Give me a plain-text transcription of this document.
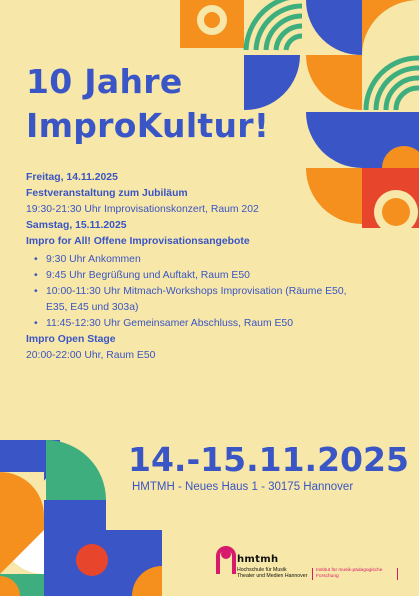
10 Jahre
ImproKultur!

Freitag, 14.11.2025

Festveranstaltung zum Jubiläum

19:30-21:30 Uhr Improvisationskonzert, Raum 202

Samstag, 15.11.2025

Impro for All! Offene Improvisationsangebote

• 9:30 Uhr Ankommen
• 9:45 Uhr Begrüßung und Auftakt, Raum E50
• 10:00-11:30 Uhr Mitmach-Workshops Improvisation (Räume E50, E35, E45 und 303a)
• 11:45-12:30 Uhr Gemeinsamer Abschluss, Raum E50

Impro Open Stage

20:00-22:00 Uhr, Raum E50

14.-15.11.2025
HMTMH - Neues Haus 1 - 30175 Hannover
hmtmh
Hochschule für Musik
Theater und Medien Hannover
Institut für musik-pädagogische Forschung
